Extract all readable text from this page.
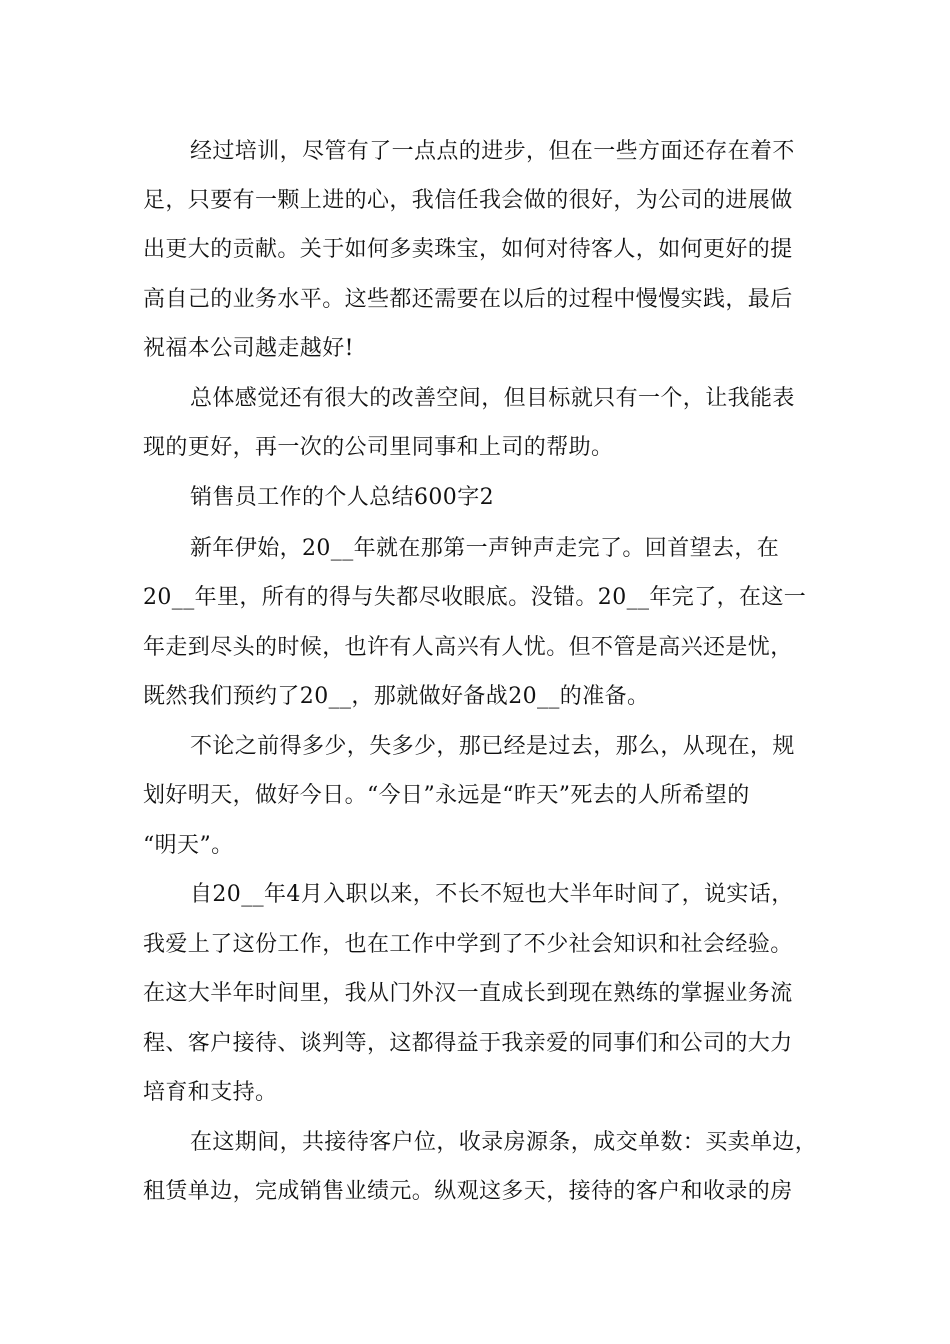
经过培训，尽管有了一点点的进步，但在一些方面还存在着不
足，只要有一颗上进的心，我信任我会做的很好，为公司的进展做
出更大的贡献。关于如何多卖珠宝，如何对待客人，如何更好的提
高自己的业务水平。这些都还需要在以后的过程中慢慢实践，最后
祝福本公司越走越好!
总体感觉还有很大的改善空间，但目标就只有一个，让我能表
现的更好，再一次的公司里同事和上司的帮助。
销售员工作的个人总结600字2
新年伊始，20__年就在那第一声钟声走完了。回首望去，在
20__年里，所有的得与失都尽收眼底。没错。20__年完了，在这一
年走到尽头的时候，也许有人高兴有人忧。但不管是高兴还是忧，
既然我们预约了20__，那就做好备战20__的准备。
不论之前得多少，失多少，那已经是过去，那么，从现在，规
划好明天，做好今日。“今日”永远是“昨天”死去的人所希望的
“明天”。
自20__年4月入职以来，不长不短也大半年时间了，说实话，
我爱上了这份工作，也在工作中学到了不少社会知识和社会经验。
在这大半年时间里，我从门外汉一直成长到现在熟练的掌握业务流
程、客户接待、谈判等，这都得益于我亲爱的同事们和公司的大力
培育和支持。
在这期间，共接待客户位，收录房源条，成交单数：买卖单边，
租赁单边，完成销售业绩元。纵观这多天，接待的客户和收录的房
